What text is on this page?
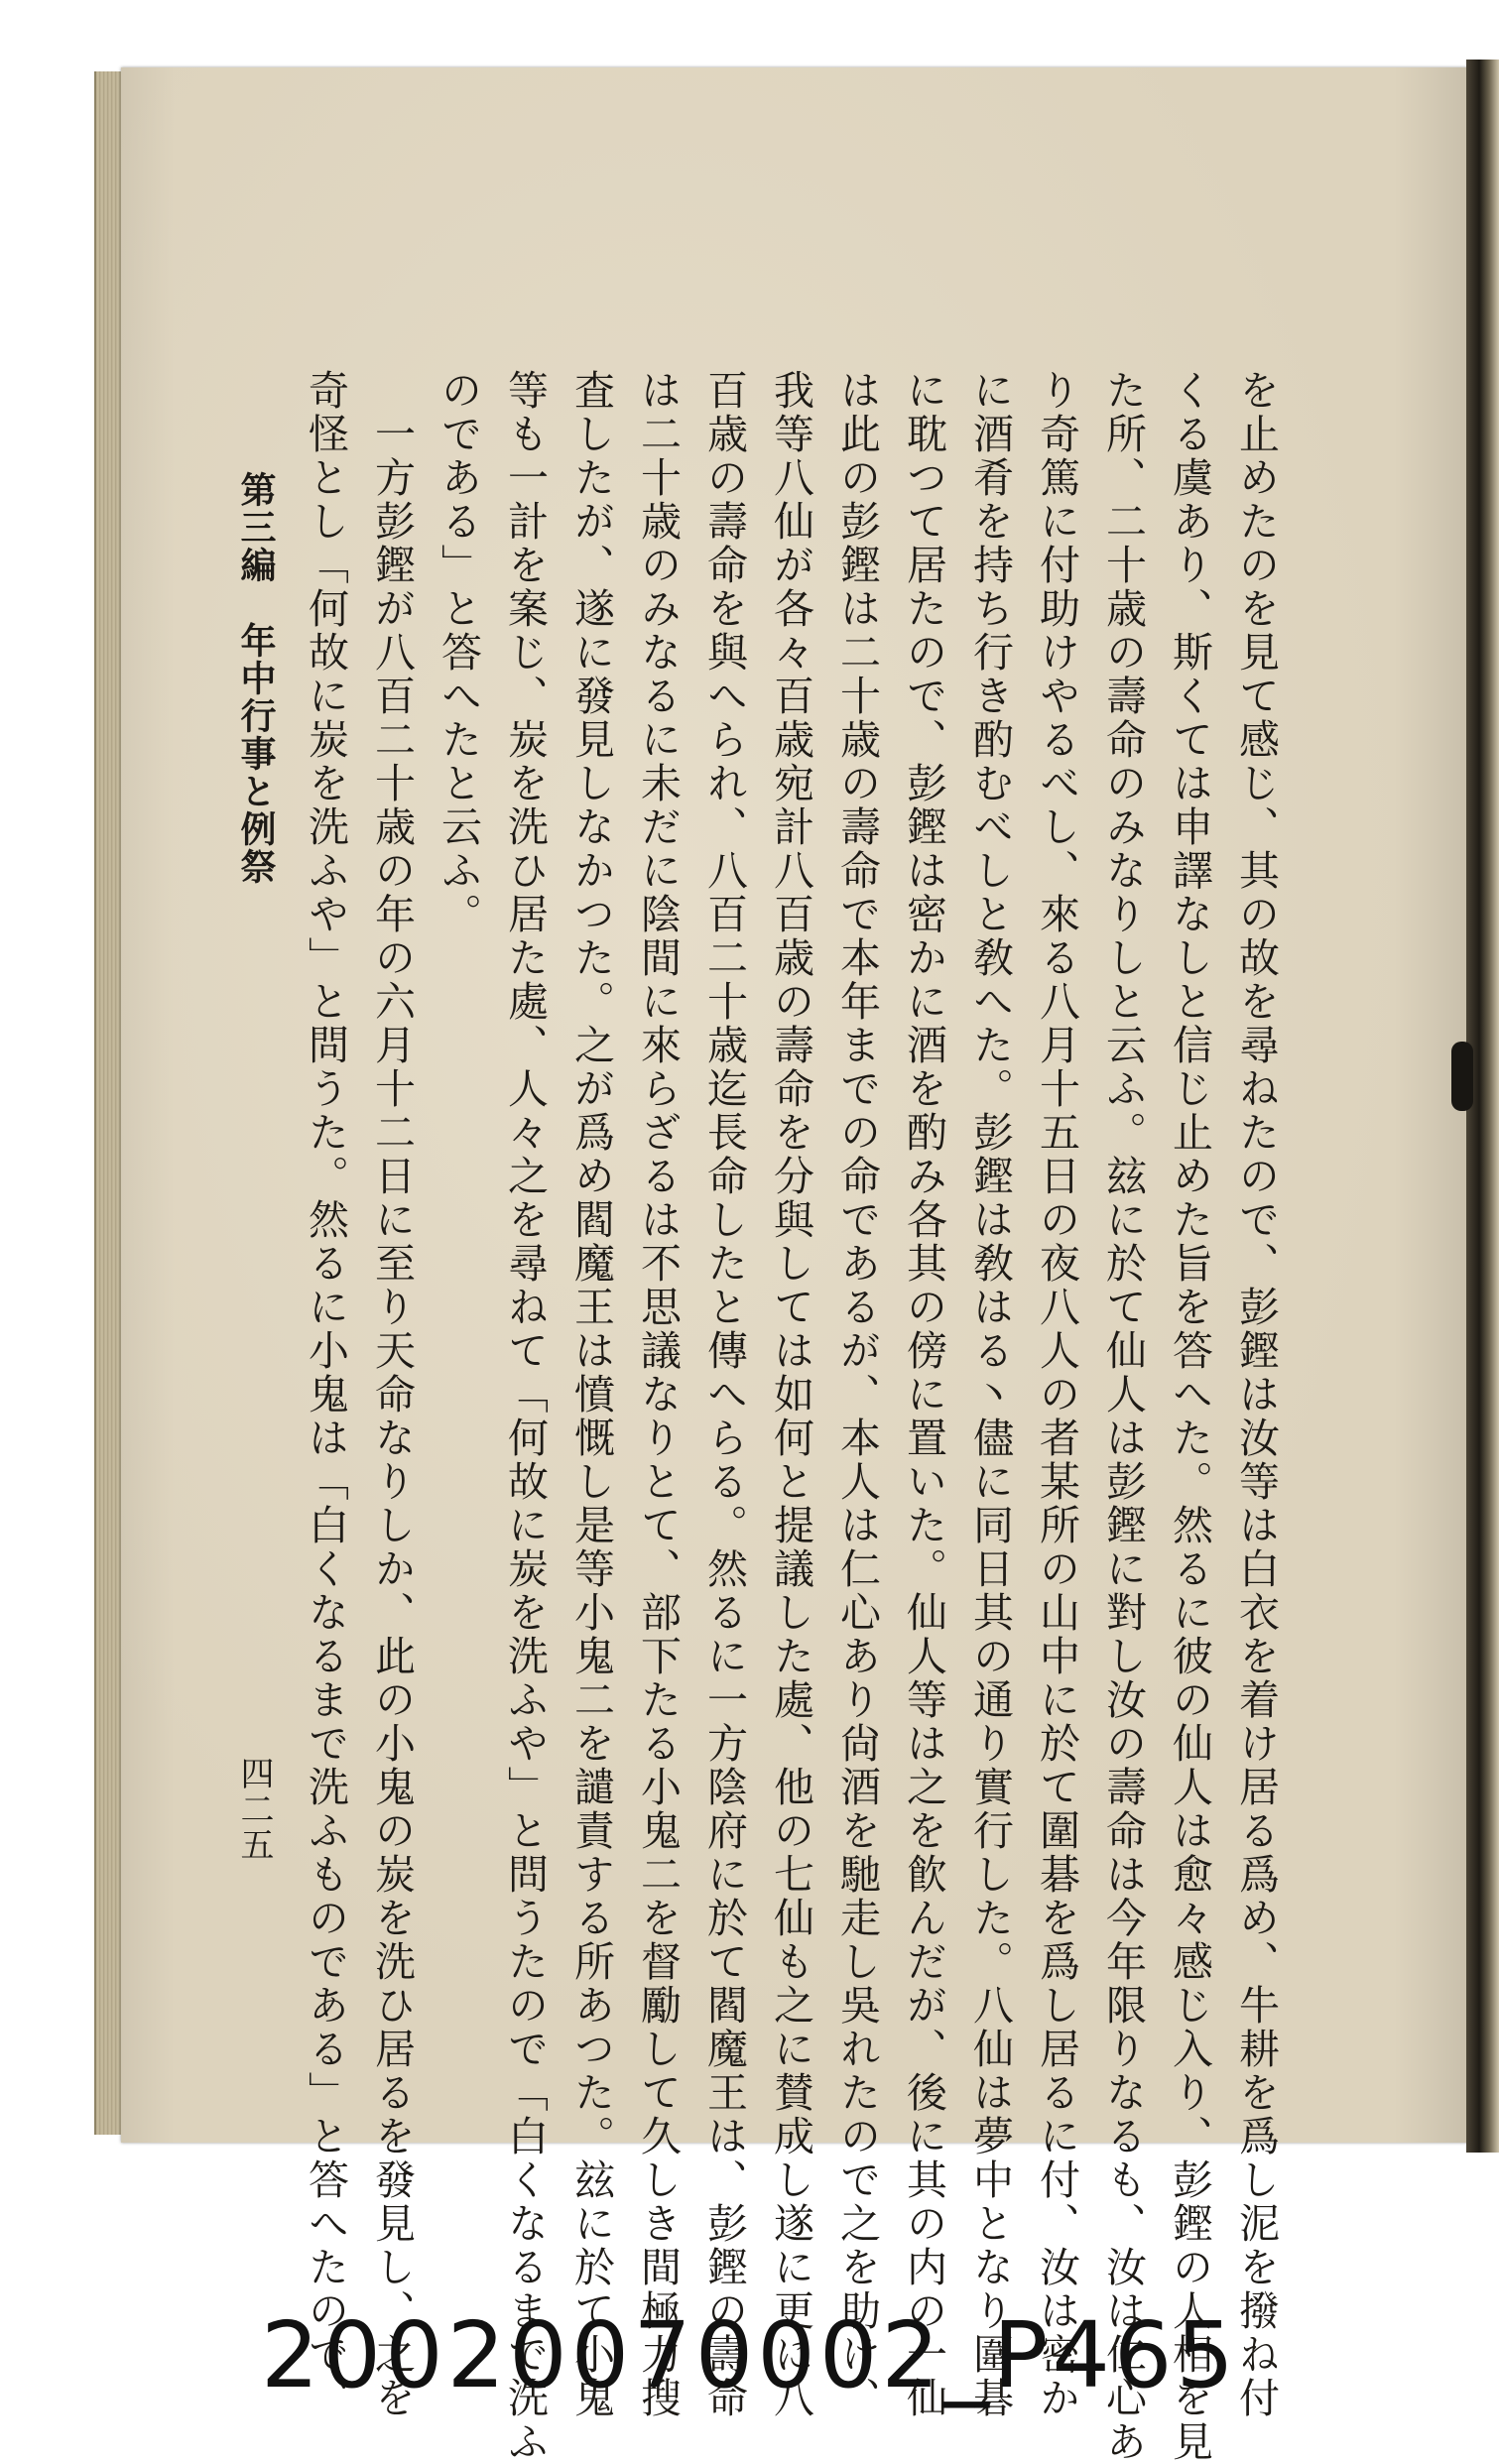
を止めたのを見て感じ、其の故を尋ねたので、彭鏗は汝等は白衣を着け居る爲め、牛耕を爲し泥を撥ね付
くる虞あり、斯くては申譯なしと信じ止めた旨を答へた。然るに彼の仙人は愈々感じ入り、彭鏗の人相を見
た所、二十歳の壽命のみなりしと云ふ。玆に於て仙人は彭鏗に對し汝の壽命は今年限りなるも、汝は仁心あ
り奇篤に付助けやるべし、來る八月十五日の夜八人の者某所の山中に於て圍碁を爲し居るに付、汝は密か
に酒肴を持ち行き酌むべしと敎へた。彭鏗は敎はる丶儘に同日其の通り實行した。八仙は夢中となり圍碁
に耽つて居たので、彭鏗は密かに酒を酌み各其の傍に置いた。仙人等は之を飮んだが、後に其の内の一仙
は此の彭鏗は二十歳の壽命で本年までの命であるが、本人は仁心あり尙酒を馳走し吳れたので之を助け、
我等八仙が各々百歳宛計八百歳の壽命を分與しては如何と提議した處、他の七仙も之に賛成し遂に更に八
百歳の壽命を與へられ、八百二十歳迄長命したと傳へらる。然るに一方陰府に於て閻魔王は、彭鏗の壽命
は二十歳のみなるに未だに陰間に來らざるは不思議なりとて、部下たる小鬼二を督勵して久しき間極力搜
査したが、遂に發見しなかつた。之が爲め閻魔王は憤慨し是等小鬼二を譴責する所あつた。玆に於て小鬼
等も一計を案じ、炭を洗ひ居た處、人々之を尋ねて「何故に炭を洗ふや」と問うたので「白くなるまで洗ふ
のである」と答へたと云ふ。
　一方彭鏗が八百二十歳の年の六月十二日に至り天命なりしか、此の小鬼の炭を洗ひ居るを發見し、之を
奇怪とし「何故に炭を洗ふや」と問うた。然るに小鬼は「白くなるまで洗ふものである」と答へたので、
第三編　年中行事と例祭
四二五
20020070002_P465
